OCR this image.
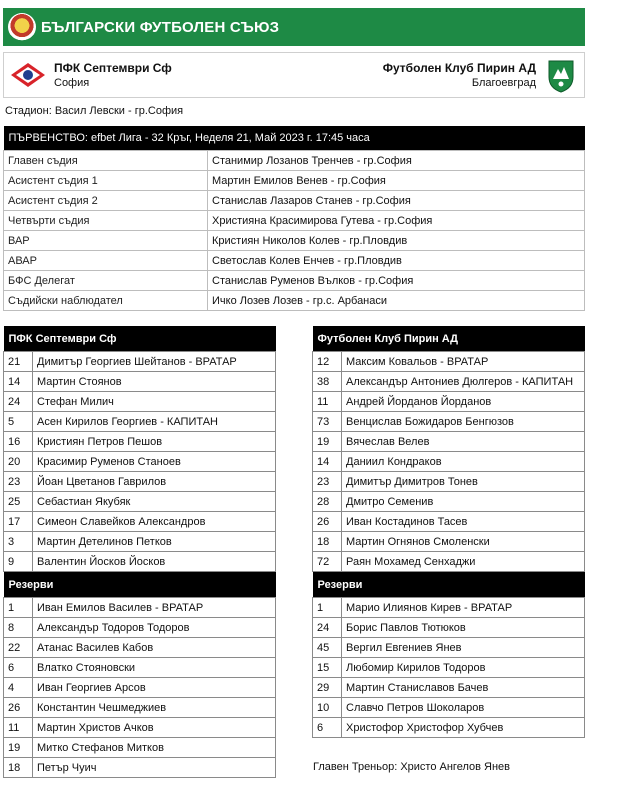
БЪЛГАРСКИ ФУТБОЛЕН СЪЮЗ
ПФК Септември Сф
София
Футболен Клуб Пирин АД
Благоевград
Стадион: Васил Левски - гр.София
ПЪРВЕНСТВО: efbet Лига - 32 Кръг, Неделя 21, Май 2023 г. 17:45 часа	
Главен съдия	Станимир Лозанов Тренчев - гр.София
Асистент съдия 1	Мартин Емилов Венев - гр.София
Асистент съдия 2	Станислав Лазаров Станев - гр.София
Четвърти съдия	Християна Красимирова Гутева - гр.София
ВАР	Кристиян Николов Колев - гр.Пловдив
АВАР	Светослав Колев Енчев - гр.Пловдив
БФС Делегат	Станислав Руменов Вълков - гр.София
Съдийски наблюдател	Ичко Лозев Лозев - гр.с. Арбанаси
ПФК Септември Сф	
21	Димитър Георгиев Шейтанов - ВРАТАР
14	Мартин Стоянов
24	Стефан Милич
5	Асен Кирилов Георгиев - КАПИТАН
16	Кристиян Петров Пешов
20	Красимир Руменов Станоев
23	Йоан Цветанов Гаврилов
25	Себастиан Якубяк
17	Симеон Славейков Александров
3	Мартин Детелинов Петков
9	Валентин Йосков Йосков
Резерви	
1	Иван Емилов Василев - ВРАТАР
8	Александър Тодоров Тодоров
22	Атанас Василев Кабов
6	Влатко Стояновски
4	Иван Георгиев Арсов
26	Константин Чешмеджиев
11	Мартин Христов Ачков
19	Митко Стефанов Митков
18	Петър Чуич
Футболен Клуб Пирин АД	
12	Максим Ковальов - ВРАТАР
38	Александър Антониев Дюлгеров - КАПИТАН
11	Андрей Йорданов Йорданов
73	Венцислав Божидаров Бенгюзов
19	Вячеслав Велев
14	Даниил Кондраков
23	Димитър Димитров Тонев
28	Дмитро Семенив
26	Иван Костадинов Тасев
18	Мартин Огнянов Смоленски
72	Раян Мохамед Сенхаджи
Резерви	
1	Марио Илиянов Кирев - ВРАТАР
24	Борис Павлов Тютюков
45	Вергил Евгениев Янев
15	Любомир Кирилов Тодоров
29	Мартин Станиславов Бачев
10	Славчо Петров Шоколаров
6	Христофор Христофор Хубчев
Главен Треньор: Христо Ангелов Янев
